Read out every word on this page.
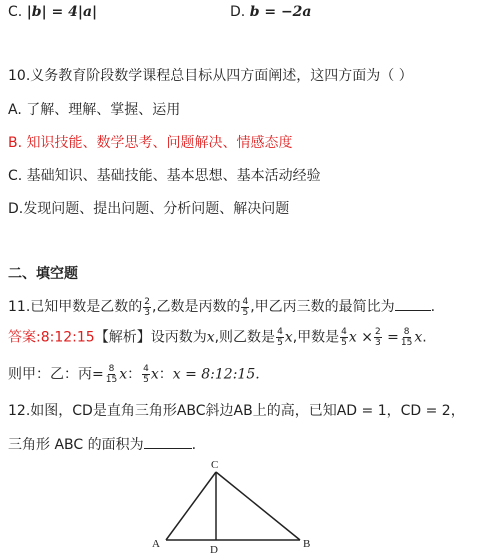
C. |b| = 4|a|	D. b = −2a
10.义务教育阶段数学课程总目标从四方面阐述，这四方面为（ ）
A. 了解、理解、掌握、运用
B. 知识技能、数学思考、问题解决、情感态度
C. 基础知识、基础技能、基本思想、基本活动经验
D.发现问题、提出问题、分析问题、解决问题
二、填空题
11.已知甲数是乙数的 $\frac{2}{3}$ ,乙数是丙数的 $\frac{4}{5}$ ,甲乙丙三数的最简比为	.
答案:8:12:15【解析】设丙数为x,则乙数是 $\frac{4}{5} x$,甲数是 $\frac{4}{5}$ $x \times \frac{2}{3} = \frac{8}{15} x$.
则甲：乙：丙= $\frac{8}{15}$ x： $\frac{4}{5}$ x：x = 8:12:15.
12.如图，CD是直角三角形ABC斜边AB上的高，已知AD = 1，CD = 2，
三角形 ABC 的面积为	.
C
A	B
D
